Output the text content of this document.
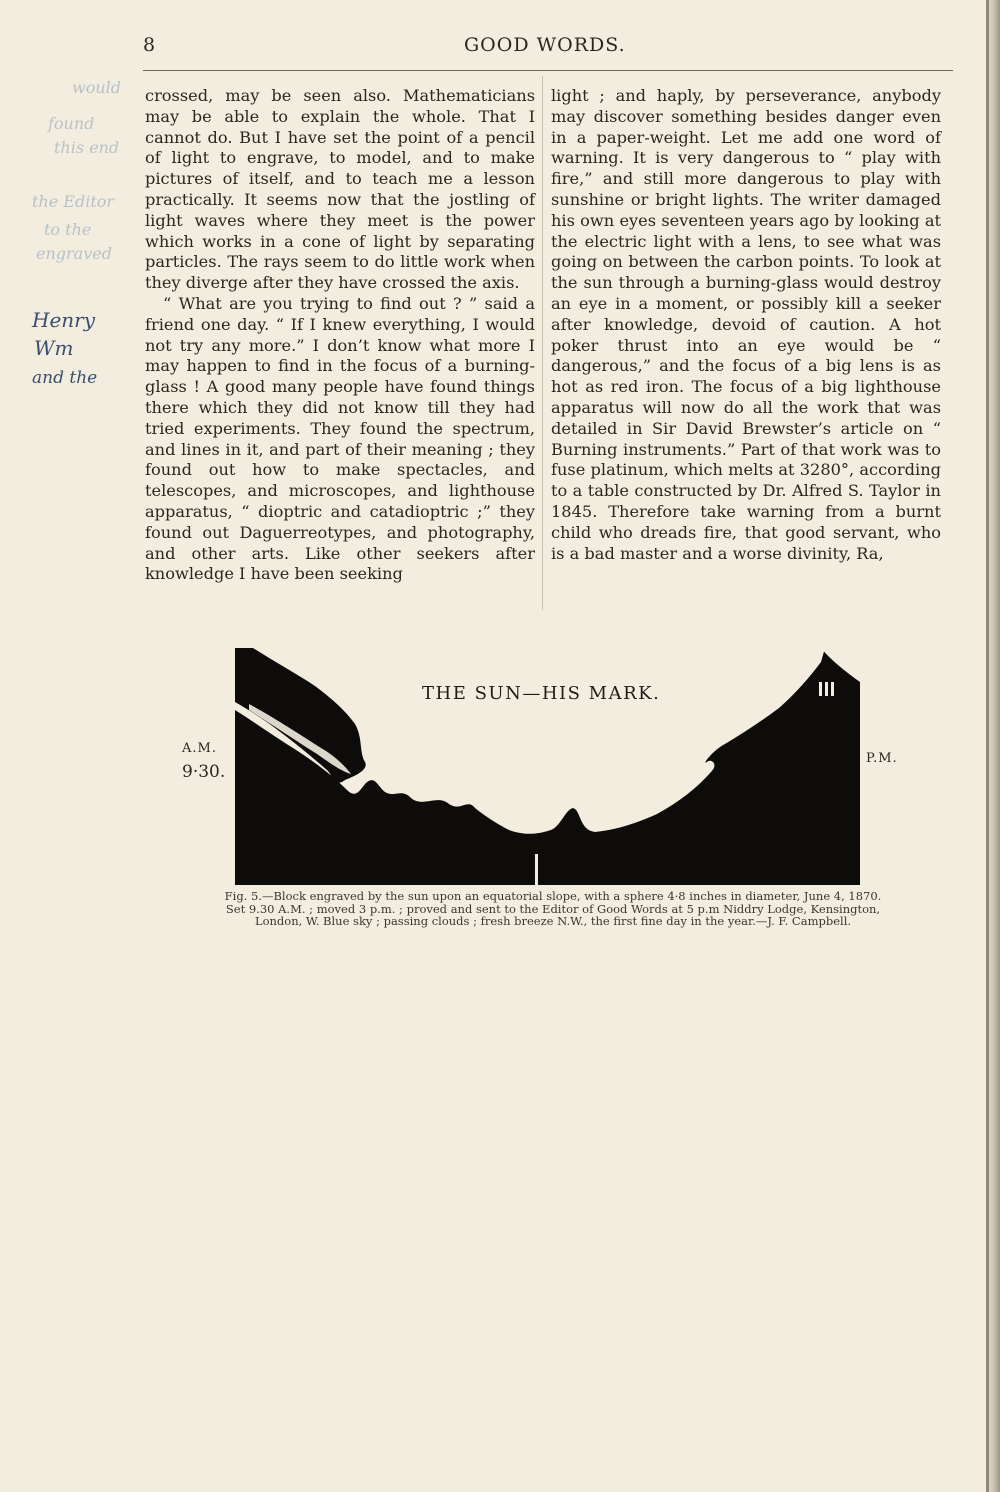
8	GOOD WORDS.
would
found
this end
the Editor
to the
engraved
Henry
Wm
and the

crossed, may be seen also. Mathematicians may be able to explain the whole. That I cannot do. But I have set the point of a pencil of light to engrave, to model, and to make pictures of itself, and to teach me a lesson practically. It seems now that the jostling of light waves where they meet is the power which works in a cone of light by separating particles. The rays seem to do little work when they diverge after they have crossed the axis.

“ What are you trying to find out ? ” said a friend one day. “ If I knew everything, I would not try any more.” I don’t know what more I may happen to find in the focus of a burning-glass ! A good many people have found things there which they did not know till they had tried experiments. They found the spectrum, and lines in it, and part of their meaning ; they found out how to make spectacles, and telescopes, and microscopes, and lighthouse apparatus, “ dioptric and catadioptric ;” they found out Daguerreotypes, and photography, and other arts. Like other seekers after knowledge I have been seeking

light ; and haply, by perseverance, anybody may discover something besides danger even in a paper-weight. Let me add one word of warning. It is very dangerous to “ play with fire,” and still more dangerous to play with sunshine or bright lights. The writer damaged his own eyes seventeen years ago by looking at the electric light with a lens, to see what was going on between the carbon points. To look at the sun through a burning-glass would destroy an eye in a moment, or possibly kill a seeker after knowledge, devoid of caution. A hot poker thrust into an eye would be “ dangerous,” and the focus of a big lens is as hot as red iron. The focus of a big lighthouse apparatus will now do all the work that was detailed in Sir David Brewster’s article on “ Burning instruments.” Part of that work was to fuse platinum, which melts at 3280°, according to a table constructed by Dr. Alfred S. Taylor in 1845. Therefore take warning from a burnt child who dreads fire, that good servant, who is a bad master and a worse divinity, Ra,

THE SUN—HIS MARK.
A.M.
9·30.
P.M.

Fig. 5.—Block engraved by the sun upon an equatorial slope, with a sphere 4·8 inches in diameter, June 4, 1870.

Set 9.30 A.M. ; moved 3 p.m. ; proved and sent to the Editor of Good Words at 5 p.m Niddry Lodge, Kensington,

London, W. Blue sky ; passing clouds ; fresh breeze N.W., the first fine day in the year.—J. F. Campbell.
